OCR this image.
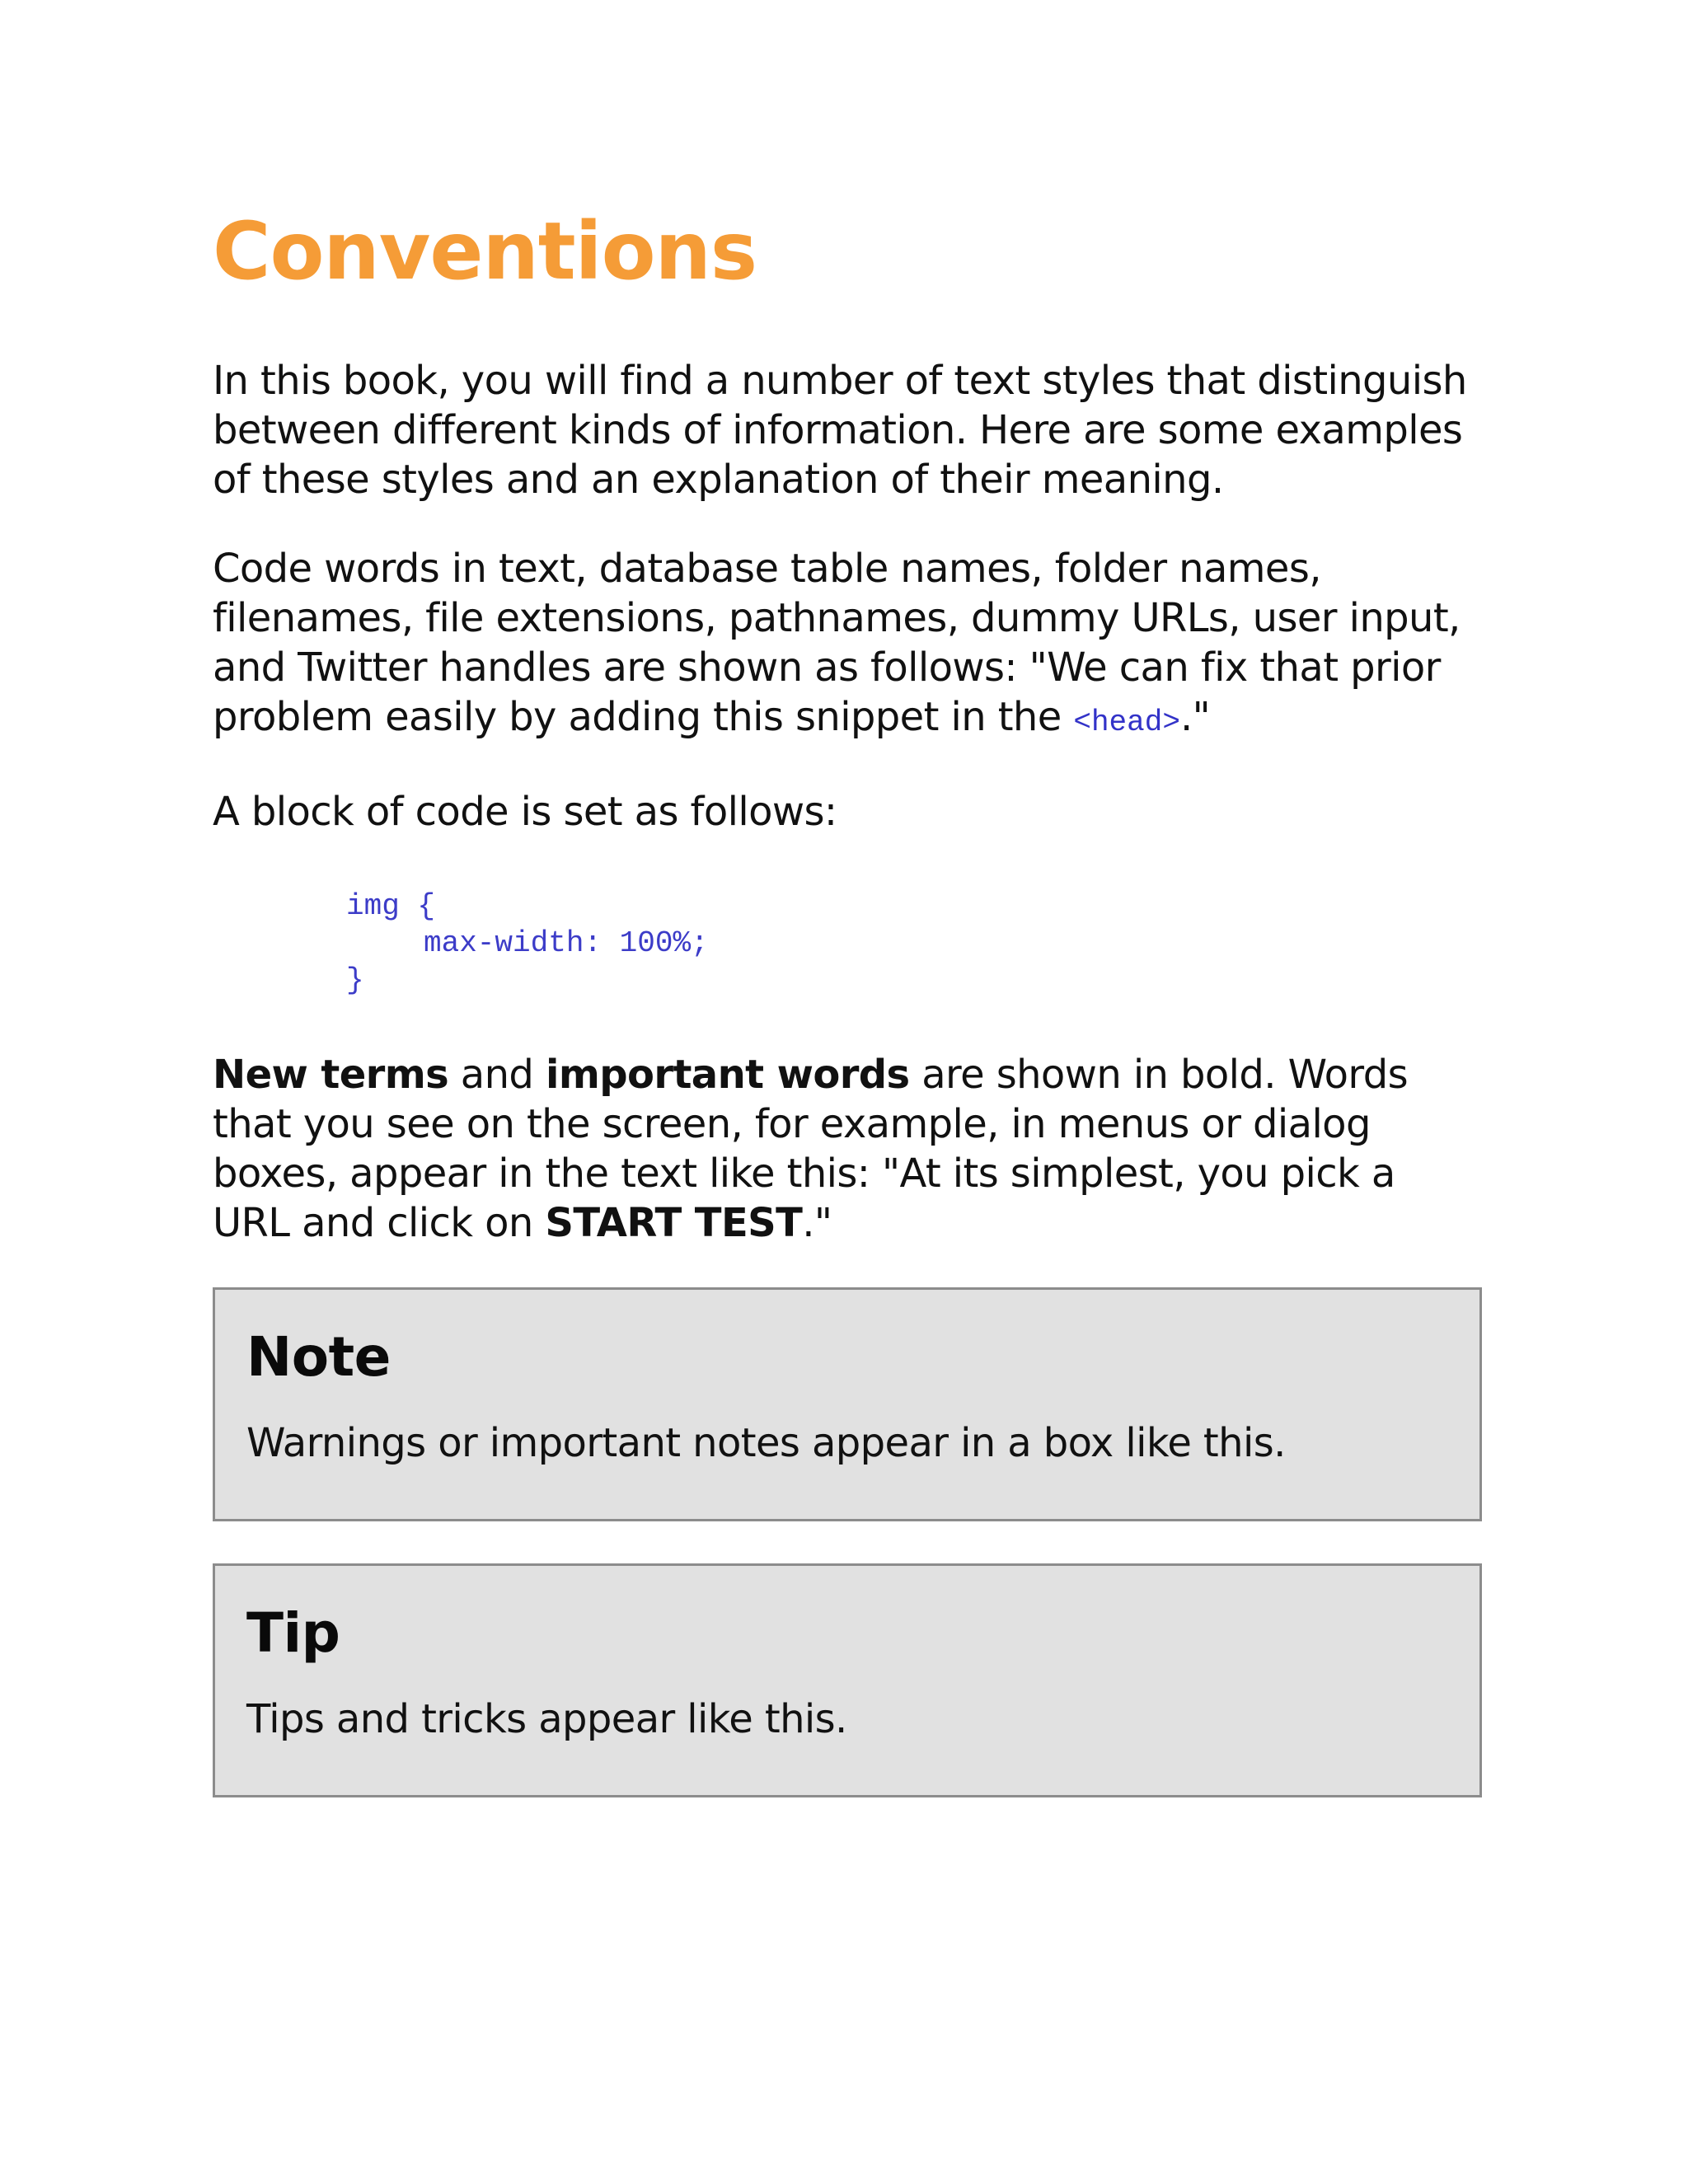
Conventions

In this book, you will find a number of text styles that distinguish between different kinds of information. Here are some examples of these styles and an explanation of their meaning.

Code words in text, database table names, folder names, filenames, file extensions, pathnames, dummy URLs, user input, and Twitter handles are shown as follows: "We can fix that prior problem easily by adding this snippet in the <head>."

A block of code is set as follows:

img {
max-width: 100%;
}

New terms and important words are shown in bold. Words that you see on the screen, for example, in menus or dialog boxes, appear in the text like this: "At its simplest, you pick a URL and click on START TEST."

Note

Warnings or important notes appear in a box like this.

Tip

Tips and tricks appear like this.
